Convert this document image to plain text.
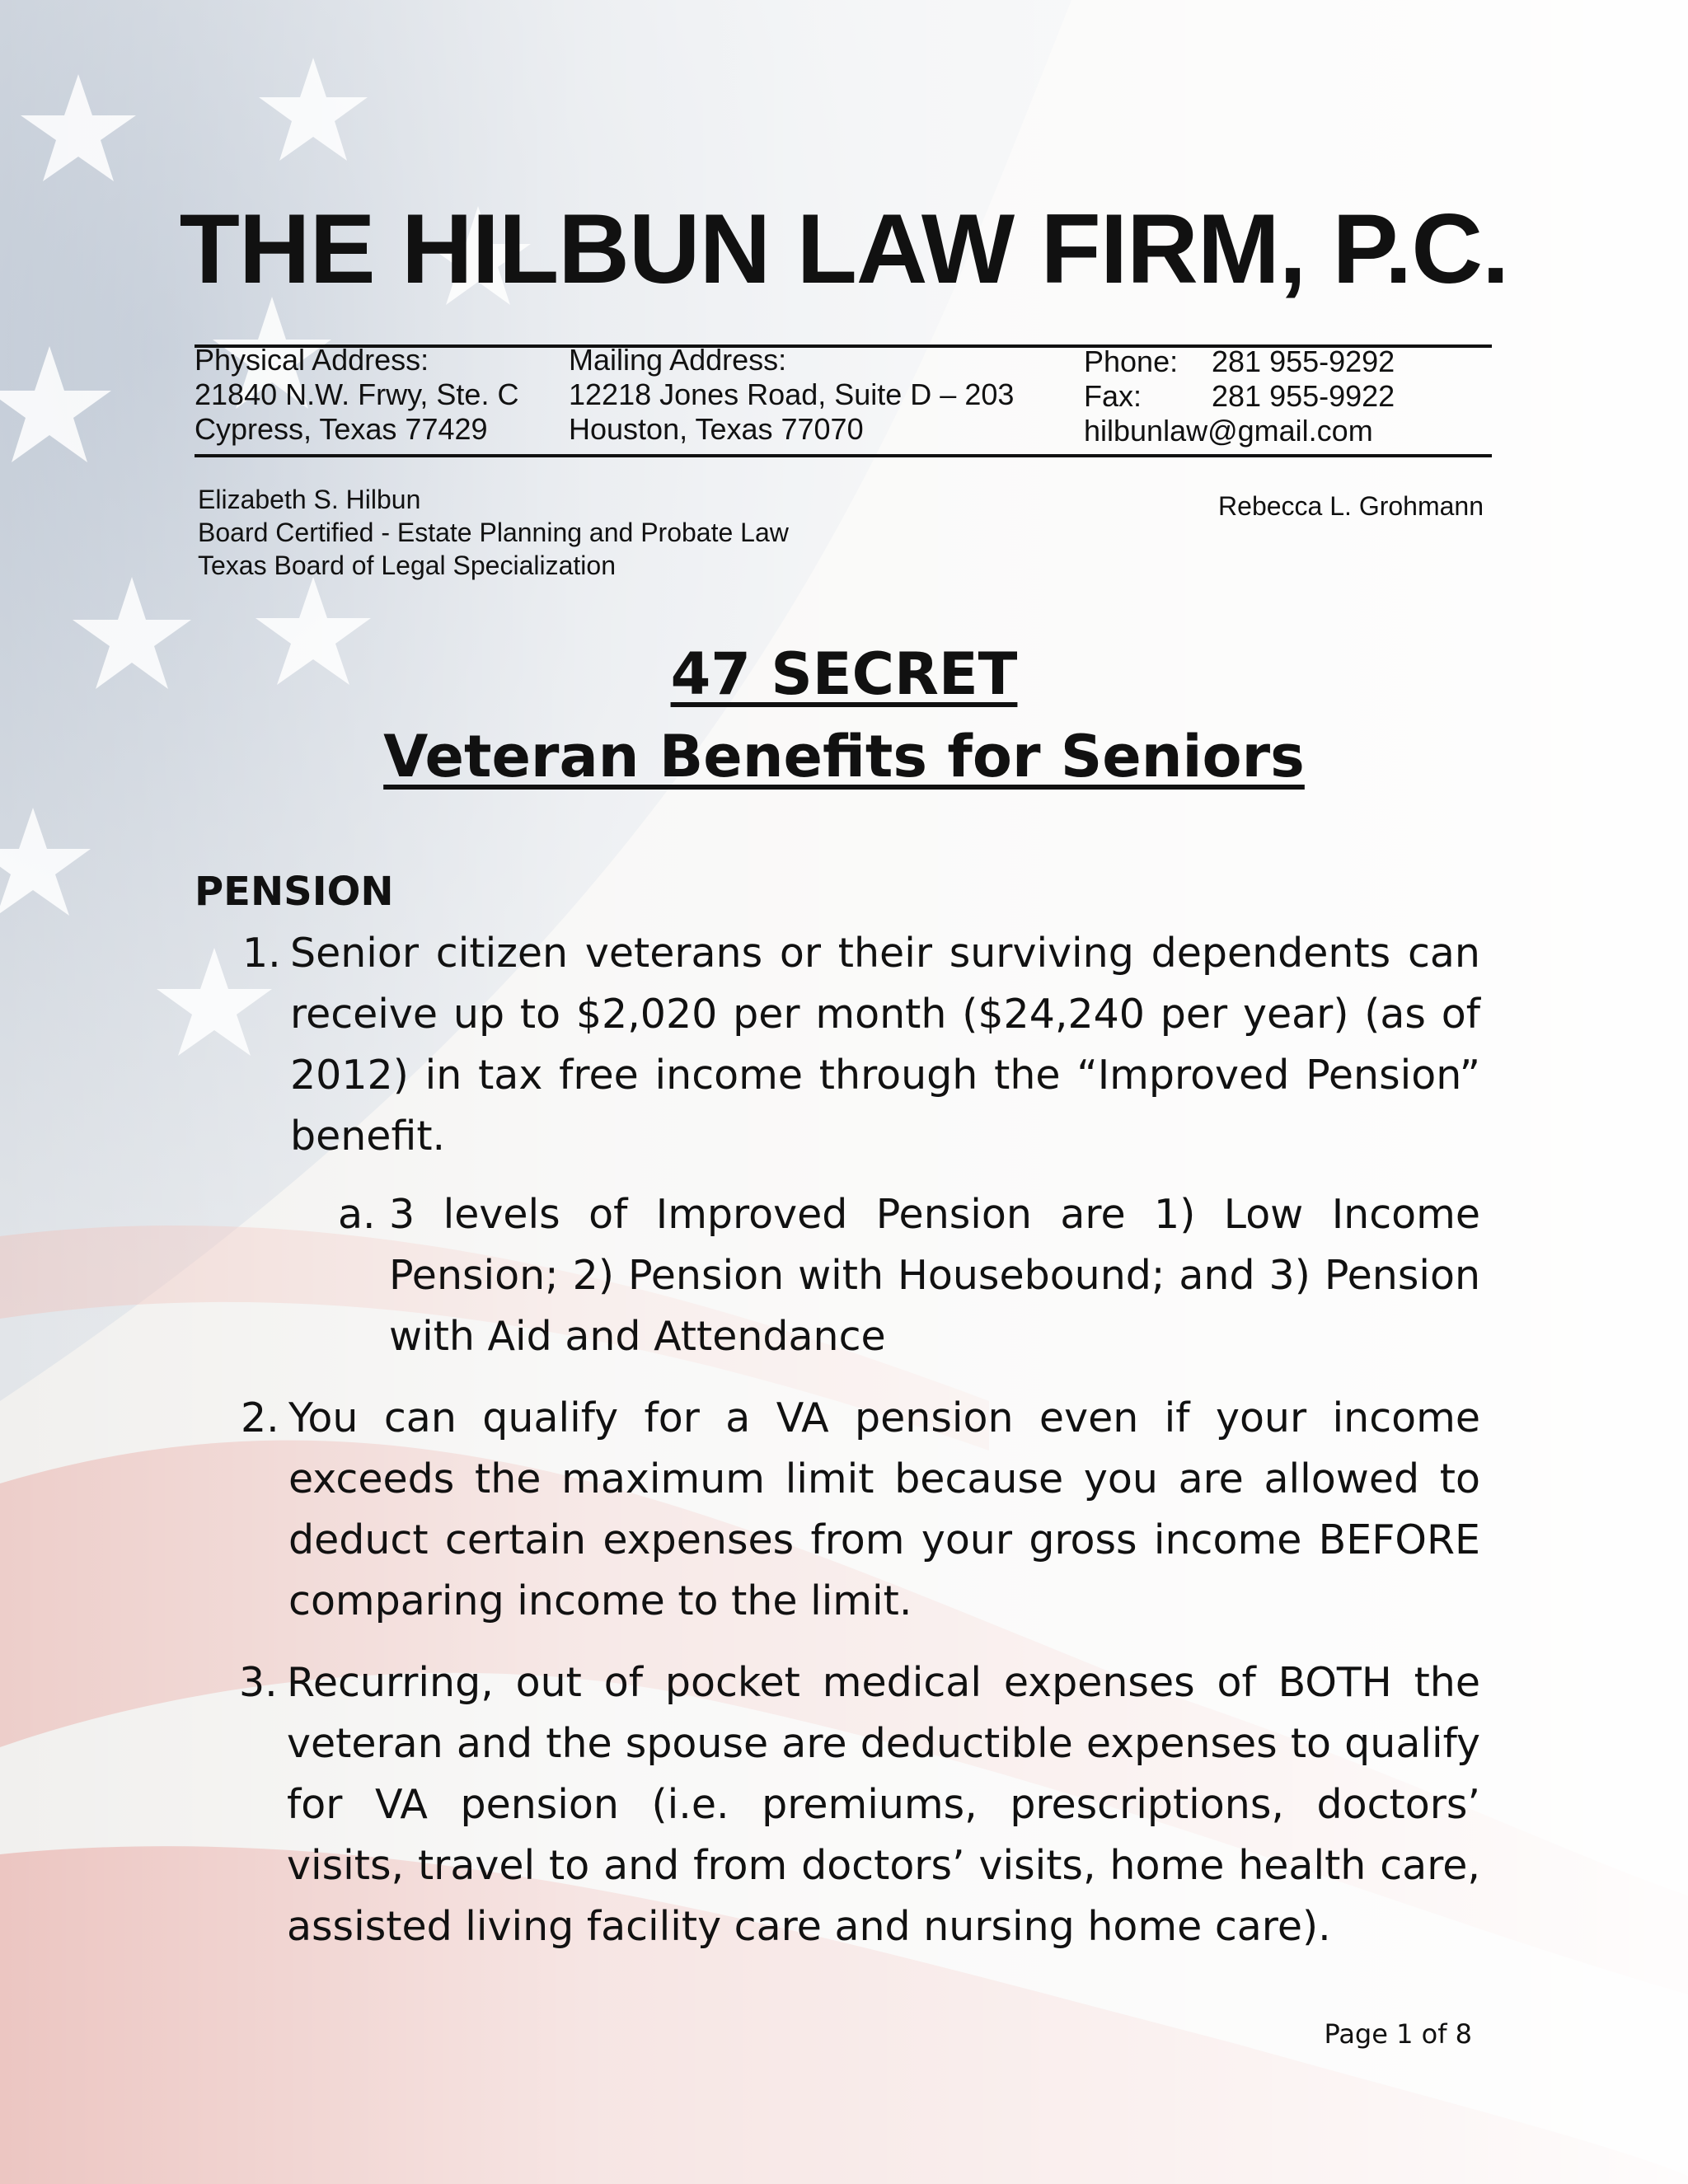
THE HILBUN LAW FIRM, P.C.
Physical Address:
21840 N.W. Frwy, Ste. C
Cypress, Texas 77429
Mailing Address:
12218 Jones Road, Suite D – 203
Houston, Texas 77070
Phone: 281 955-9292
Fax: 281 955-9922
hilbunlaw@gmail.com
Elizabeth S. Hilbun
Board Certified - Estate Planning and Probate Law
Texas Board of Legal Specialization
Rebecca L. Grohmann
47 SECRET
Veteran Benefits for Seniors
PENSION
1. Senior citizen veterans or their surviving dependents can receive up to $2,020 per month ($24,240 per year) (as of 2012) in tax free income through the “Improved Pension” benefit.
a. 3 levels of Improved Pension are 1) Low Income Pension; 2) Pension with Housebound; and 3) Pension with Aid and Attendance
2. You can qualify for a VA pension even if your income exceeds the maximum limit because you are allowed to deduct certain expenses from your gross income BEFORE comparing income to the limit.
3. Recurring, out of pocket medical expenses of BOTH the veteran and the spouse are deductible expenses to qualify for VA pension (i.e. premiums, prescriptions, doctors’ visits, travel to and from doctors’ visits, home health care, assisted living facility care and nursing home care).
Page 1 of 8
